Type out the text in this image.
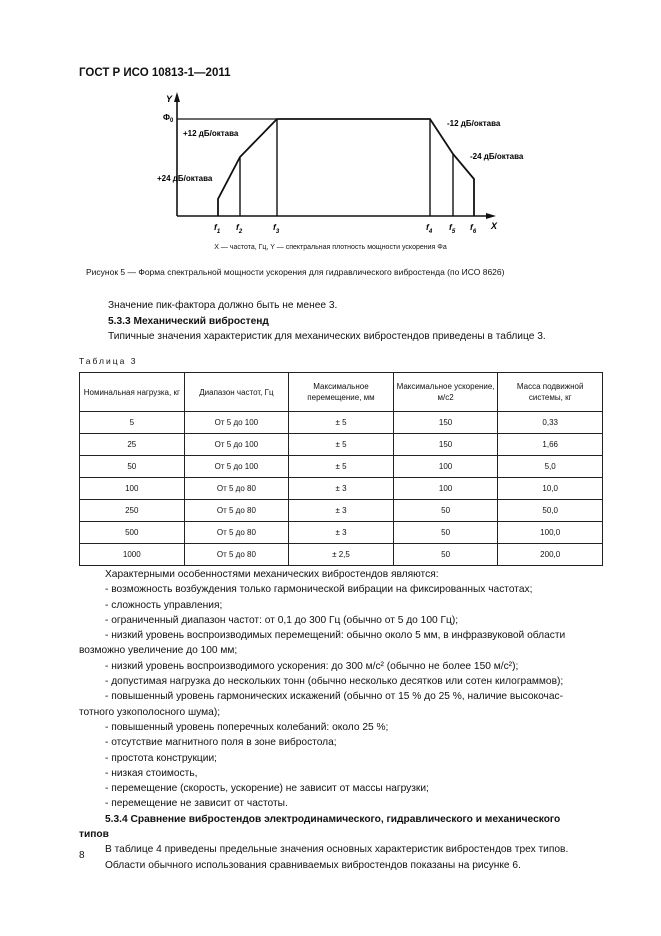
ГОСТ Р ИСО 10813-1—2011
Y
X
$\Phi_0$
+12 дБ/октава
+24 дБ/октава
-12 дБ/октава
-24 дБ/октава
$f_1$ $f_2$	$f_3$	$f_4$ $f_5$ $f_6$
X — частота, Гц, Y — спектральная плотность мощности ускорения Φa
Рисунок 5 — Форма спектральной мощности ускорения для гидравлического вибростенда (по ИСО 8626)
Значение пик-фактора должно быть не менее 3.
5.3.3 Механический вибростенд
Типичные значения характеристик для механических вибростендов приведены в таблице 3.
Таблица 3
Номинальная нагрузка, кг	Диапазон частот, Гц	Максимальное перемещение, мм	Максимальное ускорение, м/с2	Масса подвижной системы, кг
5	От 5 до 100	± 5	150	0,33
25	От 5 до 100	± 5	150	1,66
50	От 5 до 100	± 5	100	5,0
100	От 5 до 80	± 3	100	10,0
250	От 5 до 80	± 3	50	50,0
500	От 5 до 80	± 3	50	100,0
1000	От 5 до 80	± 2,5	50	200,0
Характерными особенностями механических вибростендов являются:
- возможность возбуждения только гармонической вибрации на фиксированных частотах;
- сложность управления;
- ограниченный диапазон частот: от 0,1 до 300 Гц (обычно от 5 до 100 Гц);
- низкий уровень воспроизводимых перемещений: обычно около 5 мм, в инфразвуковой области
возможно увеличение до 100 мм;
- низкий уровень воспроизводимого ускорения: до 300 м/с² (обычно не более 150 м/с²);
- допустимая нагрузка до нескольких тонн (обычно несколько десятков или сотен килограммов);
- повышенный уровень гармонических искажений (обычно от 15 % до 25 %, наличие высокочас-
тотного узкополосного шума);
- повышенный уровень поперечных колебаний: около 25 %;
- отсутствие магнитного поля в зоне вибростола;
- простота конструкции;
- низкая стоимость,
- перемещение (скорость, ускорение) не зависит от массы нагрузки;
- перемещение не зависит от частоты.
5.3.4 Сравнение вибростендов электродинамического, гидравлического и механического
типов
В таблице 4 приведены предельные значения основных характеристик вибростендов трех типов.
Области обычного использования сравниваемых вибростендов показаны на рисунке 6.
8
